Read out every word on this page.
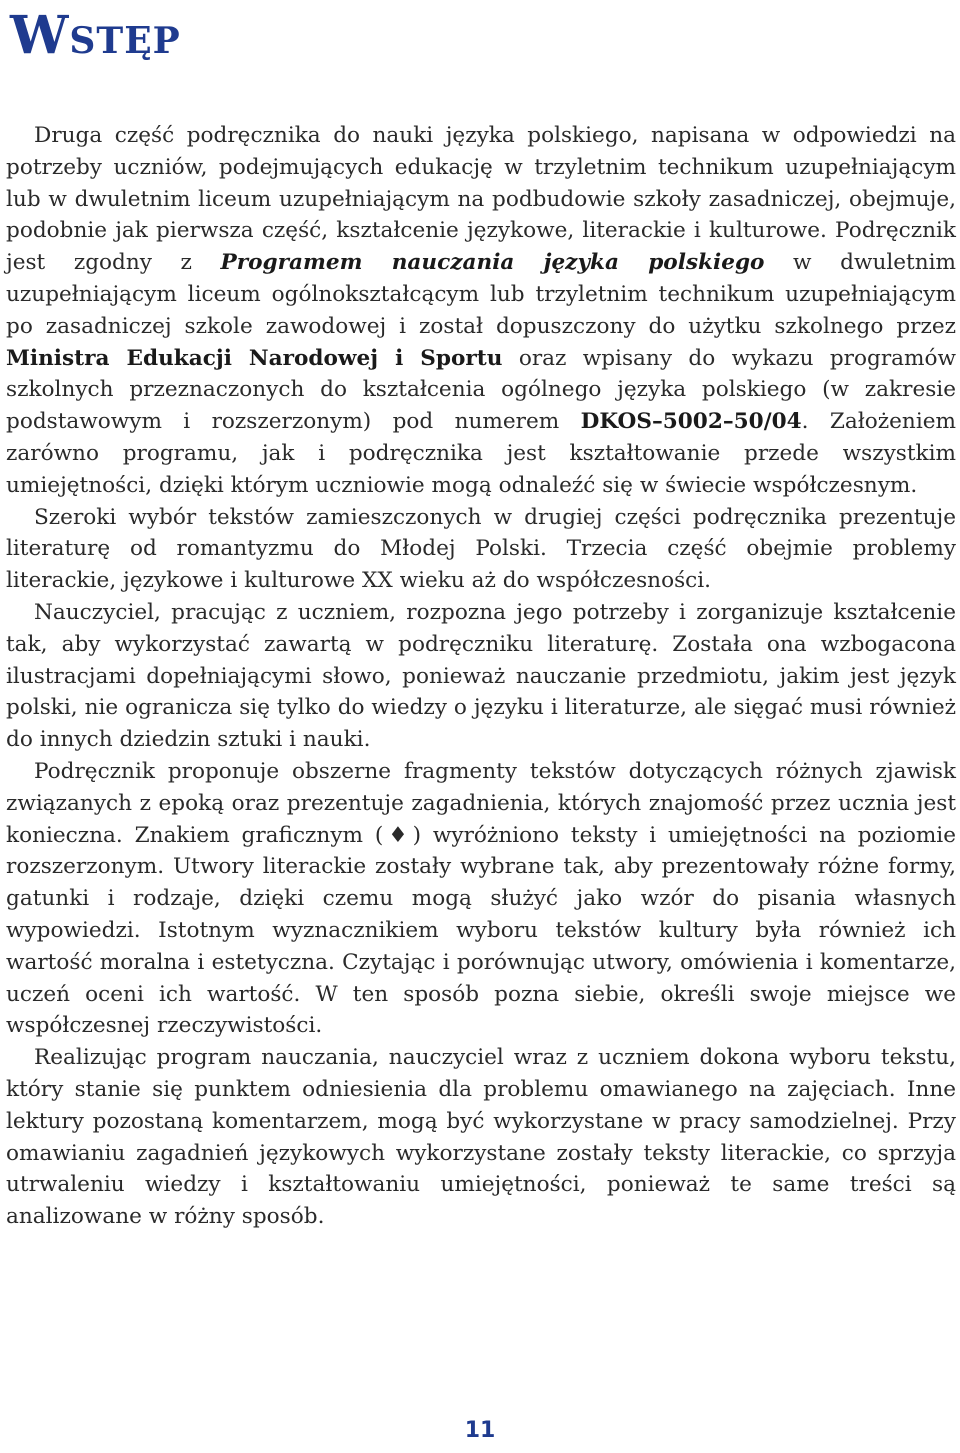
WSTĘP

Druga część podręcznika do nauki języka polskiego, napisana w odpowiedzi na potrzeby uczniów, podejmujących edukację w trzyletnim technikum uzupełniającym lub w dwuletnim liceum uzupełniającym na podbudowie szkoły zasadniczej, obejmuje, podobnie jak pierwsza część, kształcenie językowe, literackie i kulturowe. Podręcznik jest zgodny z Programem nauczania języka polskiego w dwuletnim uzupełniającym liceum ogólnokształcącym lub trzyletnim technikum uzupełniającym po zasadniczej szkole zawodowej i został dopuszczony do użytku szkolnego przez Ministra Edukacji Narodowej i Sportu oraz wpisany do wykazu programów szkolnych przeznaczonych do kształcenia ogólnego języka polskiego (w zakresie podstawowym i rozszerzonym) pod numerem DKOS–5002–50/04. Założeniem zarówno programu, jak i podręcznika jest kształtowanie przede wszystkim umiejętności, dzięki którym uczniowie mogą odnaleźć się w świecie współczesnym.

Szeroki wybór tekstów zamieszczonych w drugiej części podręcznika prezentuje literaturę od romantyzmu do Młodej Polski. Trzecia część obejmie problemy literackie, językowe i kulturowe XX wieku aż do współczesności.

Nauczyciel, pracując z uczniem, rozpozna jego potrzeby i zorganizuje kształcenie tak, aby wykorzystać zawartą w podręczniku literaturę. Została ona wzbogacona ilustracjami dopełniającymi słowo, ponieważ nauczanie przedmiotu, jakim jest język polski, nie ogranicza się tylko do wiedzy o języku i literaturze, ale sięgać musi również do innych dziedzin sztuki i nauki.

Podręcznik proponuje obszerne fragmenty tekstów dotyczących różnych zjawisk związanych z epoką oraz prezentuje zagadnienia, których znajomość przez ucznia jest konieczna. Znakiem graficznym (♦) wyróżniono teksty i umiejętności na poziomie rozszerzonym. Utwory literackie zostały wybrane tak, aby prezentowały różne formy, gatunki i rodzaje, dzięki czemu mogą służyć jako wzór do pisania własnych wypowiedzi. Istotnym wyznacznikiem wyboru tekstów kultury była również ich wartość moralna i estetyczna. Czytając i porównując utwory, omówienia i komentarze, uczeń oceni ich wartość. W ten sposób pozna siebie, określi swoje miejsce we współczesnej rzeczywistości.

Realizując program nauczania, nauczyciel wraz z uczniem dokona wyboru tekstu, który stanie się punktem odniesienia dla problemu omawianego na zajęciach. Inne lektury pozostaną komentarzem, mogą być wykorzystane w pracy samodzielnej. Przy omawianiu zagadnień językowych wykorzystane zostały teksty literackie, co sprzyja utrwaleniu wiedzy i kształtowaniu umiejętności, ponieważ te same treści są analizowane w różny sposób.

11
